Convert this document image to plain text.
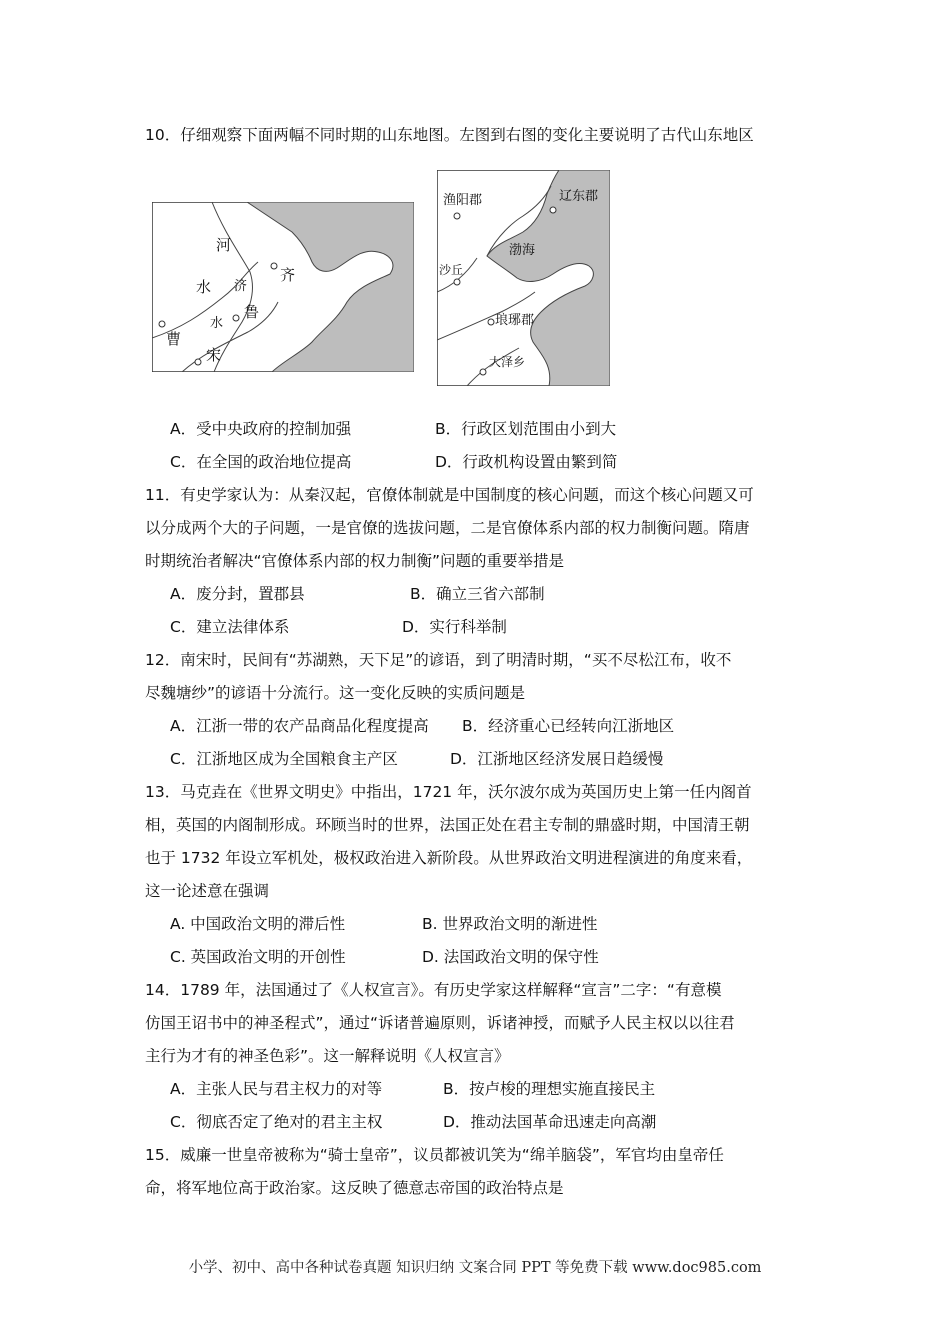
10．仔细观察下面两幅不同时期的山东地图。左图到右图的变化主要说明了古代山东地区
河
水 济
齐
水
鲁
曹
宋
渔阳郡	辽东郡
渤海
沙丘
琅琊郡
大泽乡
A．受中央政府的控制加强	B．行政区划范围由小到大
C．在全国的政治地位提高	D．行政机构设置由繁到简
11．有史学家认为：从秦汉起，官僚体制就是中国制度的核心问题，而这个核心问题又可
以分成两个大的子问题，一是官僚的选拔问题，二是官僚体系内部的权力制衡问题。隋唐
时期统治者解决“官僚体系内部的权力制衡”问题的重要举措是
A．废分封，置郡县	B．确立三省六部制
C．建立法律体系	D．实行科举制
12．南宋时，民间有“苏湖熟，天下足”的谚语，到了明清时期，“买不尽松江布，收不
尽魏塘纱”的谚语十分流行。这一变化反映的实质问题是
A．江浙一带的农产品商品化程度提高 B．经济重心已经转向江浙地区
C．江浙地区成为全国粮食主产区	D．江浙地区经济发展日趋缓慢
13．马克垚在《世界文明史》中指出，1721 年，沃尔波尔成为英国历史上第一任内阁首
相，英国的内阁制形成。环顾当时的世界，法国正处在君主专制的鼎盛时期，中国清王朝
也于 1732 年设立军机处，极权政治进入新阶段。从世界政治文明进程演进的角度来看，
这一论述意在强调
A. 中国政治文明的滞后性	B. 世界政治文明的渐进性
C. 英国政治文明的开创性	D. 法国政治文明的保守性
14．1789 年，法国通过了《人权宣言》。有历史学家这样解释“宣言”二字：“有意模
仿国王诏书中的神圣程式”，通过“诉诸普遍原则，诉诸神授，而赋予人民主权以以往君
主行为才有的神圣色彩”。这一解释说明《人权宣言》
A．主张人民与君主权力的对等	B．按卢梭的理想实施直接民主
C．彻底否定了绝对的君主主权	D．推动法国革命迅速走向高潮
15．威廉一世皇帝被称为“骑士皇帝”，议员都被讥笑为“绵羊脑袋”，军官均由皇帝任
命，将军地位高于政治家。这反映了德意志帝国的政治特点是
小学、初中、高中各种试卷真题 知识归纳 文案合同 PPT 等免费下载 www.doc985.com
